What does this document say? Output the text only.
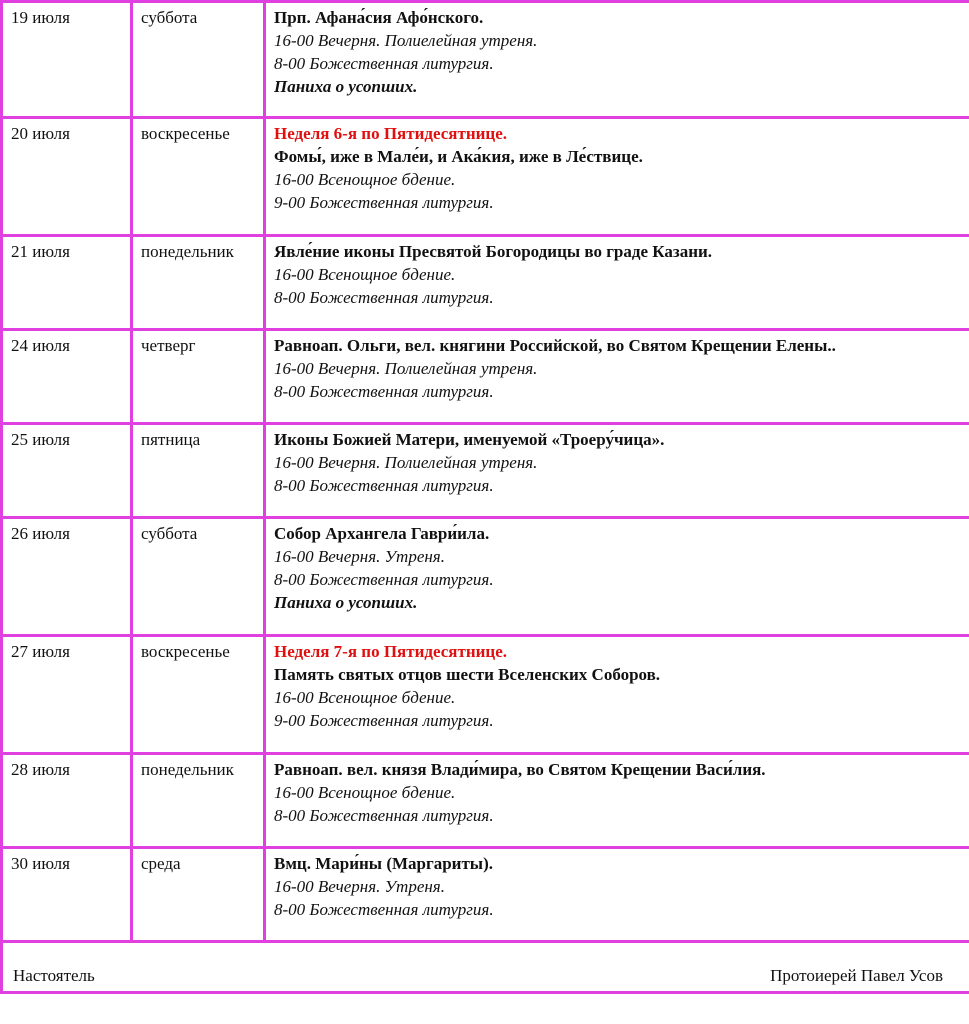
19 июля	суббота	Прп. Афана́сия Афо́нского.
16-00 Вечерня. Полиелейная утреня.
8-00 Божественная литургия.
Паниха о усопших.

20 июля	воскресенье	Неделя 6-я по Пятидесятнице.
Фомы́, иже в Мале́и, и Ака́кия, иже в Ле́ствице.
16-00 Всенощное бдение.
9-00 Божественная литургия.

21 июля	понедельник	Явле́ние иконы Пресвятой Богородицы во граде Казани.
16-00 Всенощное бдение.
8-00 Божественная литургия.

24 июля	четверг	Равноап. Ольги, вел. княгини Российской, во Святом Крещении Елены..
16-00 Вечерня. Полиелейная утреня.
8-00 Божественная литургия.

25 июля	пятница	Иконы Божией Матери, именуемой «Троеру́чица».
16-00 Вечерня. Полиелейная утреня.
8-00 Божественная литургия.

26 июля	суббота	Собор Архангела Гаври́ила.
16-00 Вечерня. Утреня.
8-00 Божественная литургия.
Паниха о усопших.

27 июля	воскресенье	Неделя 7-я по Пятидесятнице.
Память святых отцов шести Вселенских Соборов.
16-00 Всенощное бдение.
9-00 Божественная литургия.

28 июля	понедельник	Равноап. вел. князя Влади́мира, во Святом Крещении Васи́лия.
16-00 Всенощное бдение.
8-00 Божественная литургия.

30 июля	среда	Вмц. Мари́ны (Маргариты).
16-00 Вечерня. Утреня.
8-00 Божественная литургия.

Настоятель Протоиерей Павел Усов		
